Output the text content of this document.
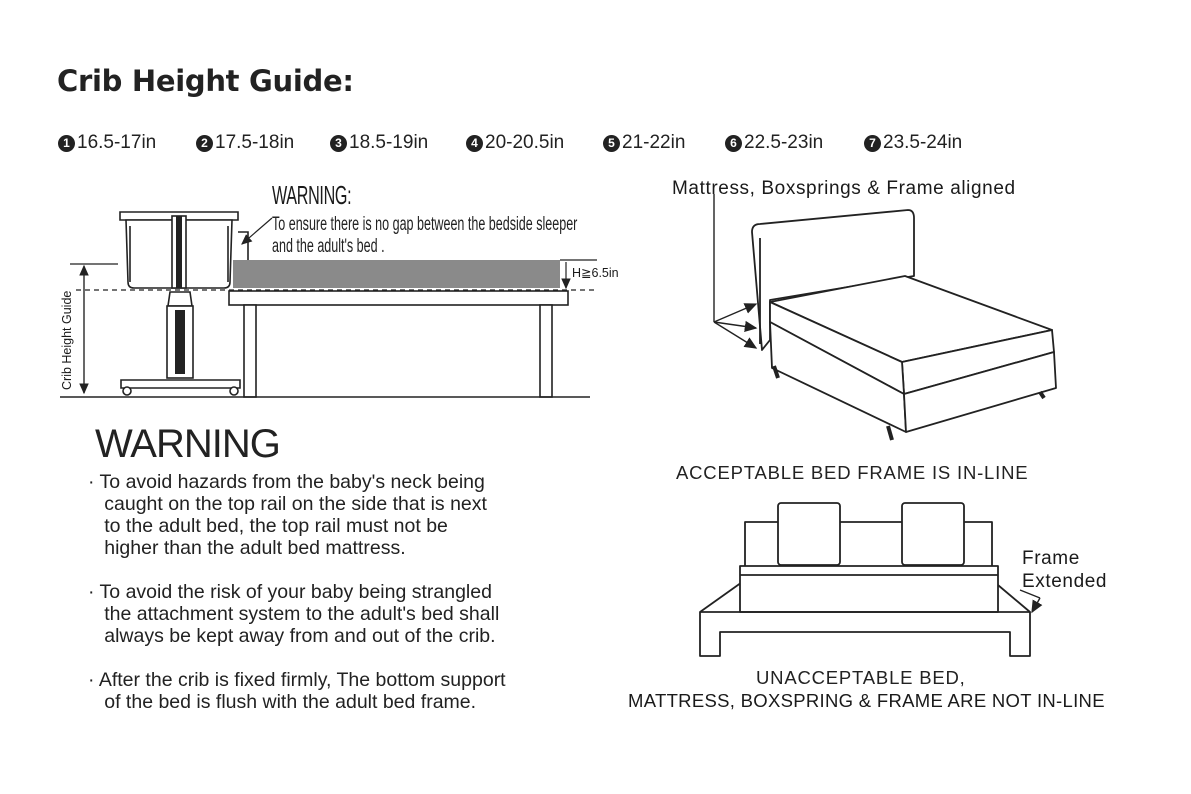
Crib Height Guide:
1 16.5-17in	2 17.5-18in	3 18.5-19in	4 20-20.5in	5 21-22in	6 22.5-23in	7 23.5-24in
WARNING:
To ensure there is no gap between the bedside sleeper
and the adult's bed .
H≧6.5in
Crib Height Guide
WARNING
· To avoid hazards from the baby's neck being
caught on the top rail on the side that is next
to the adult bed, the top rail must not be
higher than the adult bed mattress.
· To avoid the risk of your baby being strangled
the attachment system to the adult's bed shall
always be kept away from and out of the crib.
· After the crib is fixed firmly, The bottom support
of the bed is flush with the adult bed frame.
Mattress, Boxsprings & Frame aligned
ACCEPTABLE BED FRAME IS IN-LINE
Frame
Extended
UNACCEPTABLE BED,
MATTRESS, BOXSPRING & FRAME ARE NOT IN-LINE
